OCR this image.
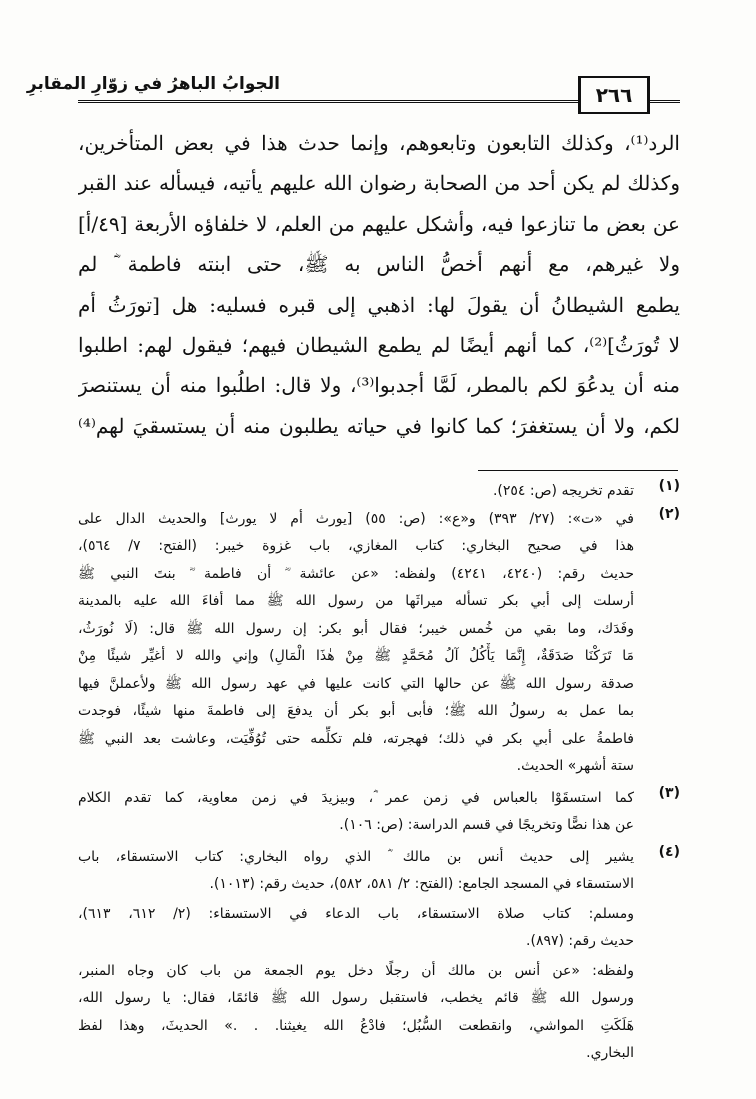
٢٦٦
الجوابُ الباهرُ في زوّارِ المقابرِ
الرد⁽¹⁾، وكذلك التابعون وتابعوهم، وإنما حدث هذا في بعض المتأخرين،
وكذلك لم يكن أحد من الصحابة رضوان الله عليهم يأتيه، فيسأله عند القبر
عن بعض ما تنازعوا فيه، وأشكل عليهم من العلم، لا خلفاؤه الأربعة [٤٩/أ]
ولا غيرهم، مع أنهم أخصُّ الناس به ﷺ، حتى ابنته فاطمة ؓ لم
يطمع الشيطانُ أن يقولَ لها: اذهبي إلى قبره فسليه: هل [تورَثُ أم
لا تُورَثُ]⁽²⁾، كما أنهم أيضًا لم يطمع الشيطان فيهم؛ فيقول لهم: اطلبوا
منه أن يدعُوَ لكم بالمطر، لَمَّا أجدبوا⁽³⁾، ولا قال: اطلُبوا منه أن يستنصرَ
لكم، ولا أن يستغفرَ؛ كما كانوا في حياته يطلبون منه أن يستسقيَ لهم⁽⁴⁾
(١)
تقدم تخريجه (ص: ٢٥٤).
(٢)
في «ت»: (٢٧/ ٣٩٣) و«ع»: (ص: ٥٥) [يورث أم لا يورث] والحديث الدال على
هذا في صحيح البخاري: كتاب المغازي، باب غزوة خيبر: (الفتح: ٧/ ٥٦٤)،
حديث رقم: (٤٢٤٠، ٤٢٤١) ولفظه: «عن عائشة ؓ أن فاطمة ؓ بنتَ النبي ﷺ
أرسلت إلى أبي بكر تسأله ميراثَها من رسول الله ﷺ مما أفاءَ الله عليه بالمدينة
وفَدَك، وما بقي من خُمس خيبر؛ فقال أبو بكر: إن رسول الله ﷺ قال: (لَا نُورَثُ،
مَا تَرَكْنَا صَدَقَةٌ، إِنَّمَا يَأْكُلُ آلُ مُحَمَّدٍ ﷺ مِنْ هٰذَا الْمَالِ) وإني والله لا أغيِّر شيئًا مِنْ
صدقة رسول الله ﷺ عن حالها التي كانت عليها في عهد رسول الله ﷺ ولأعملنَّ فيها
بما عمل به رسولُ الله ﷺ؛ فأبى أبو بكر أن يدفعَ إلى فاطمةَ منها شيئًا، فوجدت
فاطمةُ على أبي بكر في ذلك؛ فهجرته، فلم تكلِّمه حتى تُوُفِّيَت، وعاشت بعد النبي ﷺ
ستة أشهر» الحديث.
(٣)
كما استسقَوْا بالعباس في زمن عمر ؓ، وبيزيدَ في زمن معاوية، كما تقدم الكلام
عن هذا نصًّا وتخريجًا في قسم الدراسة: (ص: ١٠٦).
(٤)
يشير إلى حديث أنس بن مالك ؓ الذي رواه البخاري: كتاب الاستسقاء، باب
الاستسقاء في المسجد الجامع: (الفتح: ٢/ ٥٨١، ٥٨٢)، حديث رقم: (١٠١٣).
ومسلم: كتاب صلاة الاستسقاء، باب الدعاء في الاستسقاء: (٢/ ٦١٢، ٦١٣)،
حديث رقم: (٨٩٧).
ولفظه: «عن أنس بن مالك أن رجلًا دخل يوم الجمعة من باب كان وجاه المنبر،
ورسول الله ﷺ قائم يخطب، فاستقبل رسول الله ﷺ قائمًا، فقال: يا رسول الله،
هَلَكَتِ المواشي، وانقطعت السُّبُل؛ فادْعُ الله يغيثنا. . .» الحديثَ، وهذا لفظ
البخاري.
